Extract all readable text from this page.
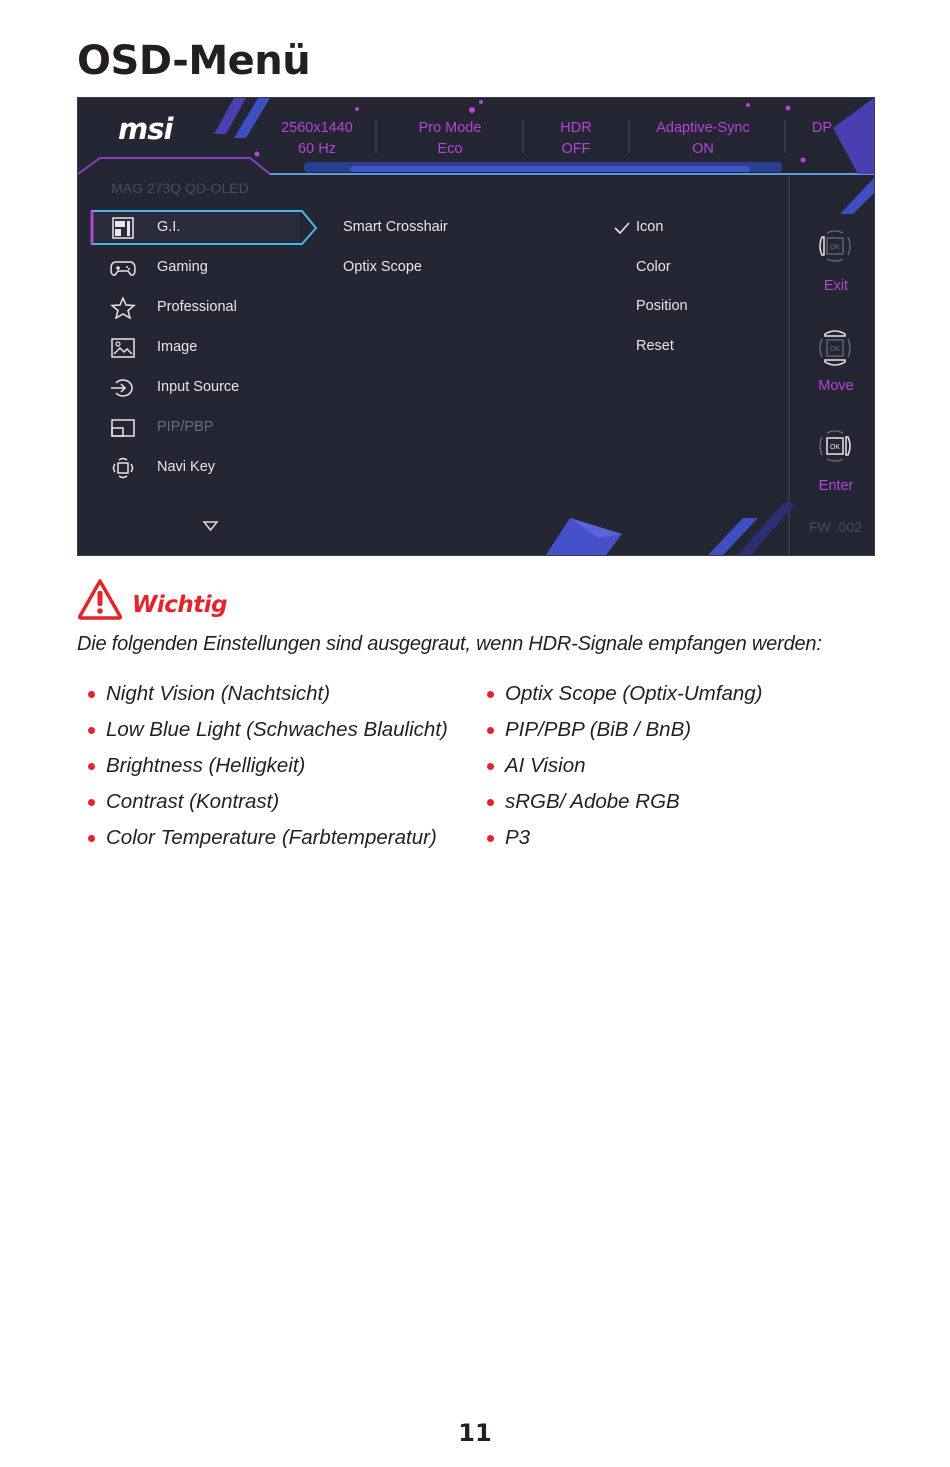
OSD-Menü
msi	2560x1440
60 Hz
Pro Mode
Eco
HDR
OFF
Adaptive-Sync
ON
DP
MAG 273Q QD-OLED
G.I.
Gaming
Professional
Image
Input Source
PIP/PBP
Navi Key
Smart Crosshair
Optix Scope
Icon
Color
Position
Reset
OK
Exit
OK
Move
OK
Enter
FW .002
Wichtig
Die folgenden Einstellungen sind ausgegraut, wenn HDR-Signale empfangen werden:
Night Vision (Nachtsicht)
Low Blue Light (Schwaches Blaulicht)
Brightness (Helligkeit)
Contrast (Kontrast)
Color Temperature (Farbtemperatur)
Optix Scope (Optix-Umfang)
PIP/PBP (BiB / BnB)
AI Vision
sRGB/ Adobe RGB
P3
11
